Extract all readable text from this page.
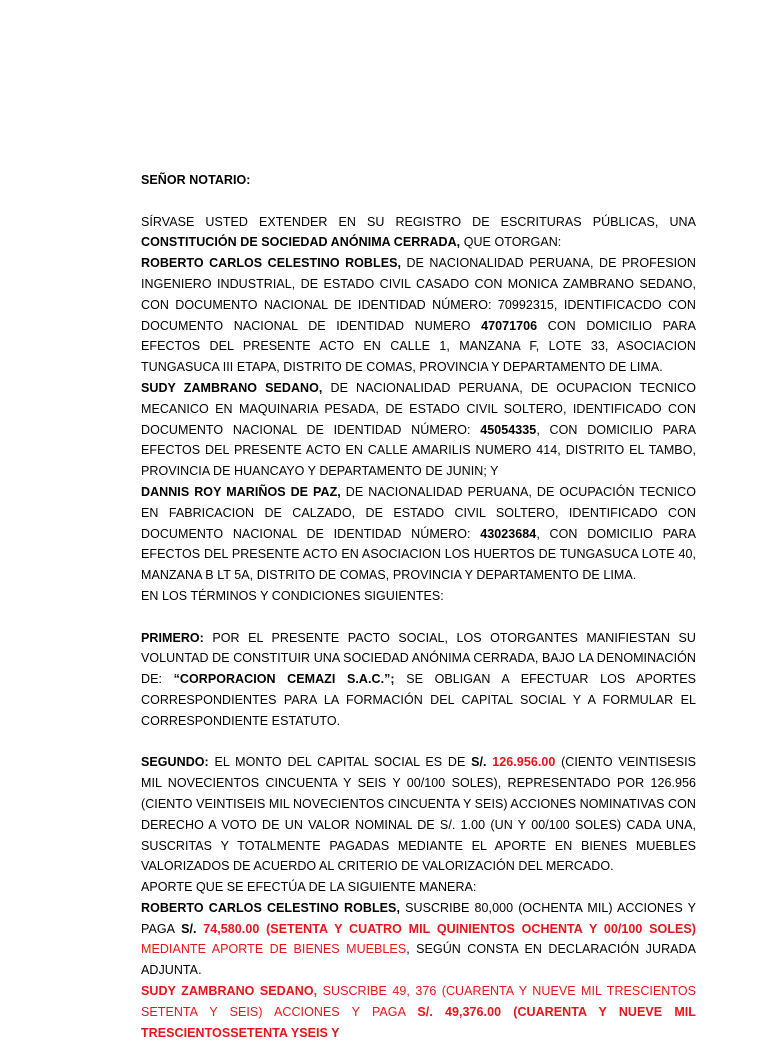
SEÑOR NOTARIO:

SÍRVASE USTED EXTENDER EN SU REGISTRO DE ESCRITURAS PÚBLICAS, UNA CONSTITUCIÓN DE SOCIEDAD ANÓNIMA CERRADA, QUE OTORGAN:

ROBERTO CARLOS CELESTINO ROBLES, DE NACIONALIDAD PERUANA, DE PROFESION INGENIERO INDUSTRIAL, DE ESTADO CIVIL CASADO CON MONICA ZAMBRANO SEDANO, CON DOCUMENTO NACIONAL DE IDENTIDAD NÚMERO: 70992315, IDENTIFICACDO CON DOCUMENTO NACIONAL DE IDENTIDAD NUMERO 47071706 CON DOMICILIO PARA EFECTOS DEL PRESENTE ACTO EN CALLE 1, MANZANA F, LOTE 33, ASOCIACION TUNGASUCA III ETAPA, DISTRITO DE COMAS, PROVINCIA Y DEPARTAMENTO DE LIMA.

SUDY ZAMBRANO SEDANO, DE NACIONALIDAD PERUANA, DE OCUPACION TECNICO MECANICO EN MAQUINARIA PESADA, DE ESTADO CIVIL SOLTERO, IDENTIFICADO CON DOCUMENTO NACIONAL DE IDENTIDAD NÚMERO: 45054335, CON DOMICILIO PARA EFECTOS DEL PRESENTE ACTO EN CALLE AMARILIS NUMERO 414, DISTRITO EL TAMBO, PROVINCIA DE HUANCAYO Y DEPARTAMENTO DE JUNIN; Y

DANNIS ROY MARIÑOS DE PAZ, DE NACIONALIDAD PERUANA, DE OCUPACIÓN TECNICO EN FABRICACION DE CALZADO, DE ESTADO CIVIL SOLTERO, IDENTIFICADO CON DOCUMENTO NACIONAL DE IDENTIDAD NÚMERO: 43023684, CON DOMICILIO PARA EFECTOS DEL PRESENTE ACTO EN ASOCIACION LOS HUERTOS DE TUNGASUCA LOTE 40, MANZANA B LT 5A, DISTRITO DE COMAS, PROVINCIA Y DEPARTAMENTO DE LIMA.

EN LOS TÉRMINOS Y CONDICIONES SIGUIENTES:

PRIMERO: POR EL PRESENTE PACTO SOCIAL, LOS OTORGANTES MANIFIESTAN SU VOLUNTAD DE CONSTITUIR UNA SOCIEDAD ANÓNIMA CERRADA, BAJO LA DENOMINACIÓN DE: “CORPORACION CEMAZI S.A.C.”; SE OBLIGAN A EFECTUAR LOS APORTES CORRESPONDIENTES PARA LA FORMACIÓN DEL CAPITAL SOCIAL Y A FORMULAR EL CORRESPONDIENTE ESTATUTO.

SEGUNDO: EL MONTO DEL CAPITAL SOCIAL ES DE S/. 126.956.00 (CIENTO VEINTISESIS MIL NOVECIENTOS CINCUENTA Y SEIS Y 00/100 SOLES), REPRESENTADO POR 126.956 (CIENTO VEINTISEIS MIL NOVECIENTOS CINCUENTA Y SEIS) ACCIONES NOMINATIVAS CON DERECHO A VOTO DE UN VALOR NOMINAL DE S/. 1.00 (UN Y 00/100 SOLES) CADA UNA, SUSCRITAS Y TOTALMENTE PAGADAS MEDIANTE EL APORTE EN BIENES MUEBLES VALORIZADOS DE ACUERDO AL CRITERIO DE VALORIZACIÓN DEL MERCADO.

APORTE QUE SE EFECTÚA DE LA SIGUIENTE MANERA:

ROBERTO CARLOS CELESTINO ROBLES, SUSCRIBE 80,000 (OCHENTA MIL) ACCIONES Y PAGA S/. 74,580.00 (SETENTA Y CUATRO MIL QUINIENTOS OCHENTA Y 00/100 SOLES) MEDIANTE APORTE DE BIENES MUEBLES, SEGÚN CONSTA EN DECLARACIÓN JURADA ADJUNTA.

SUDY ZAMBRANO SEDANO, SUSCRIBE 49, 376 (CUARENTA Y NUEVE MIL TRESCIENTOS SETENTA Y SEIS) ACCIONES Y PAGA S/. 49,376.00 (CUARENTA Y NUEVE MIL TRESCIENTOSSETENTA YSEIS Y
